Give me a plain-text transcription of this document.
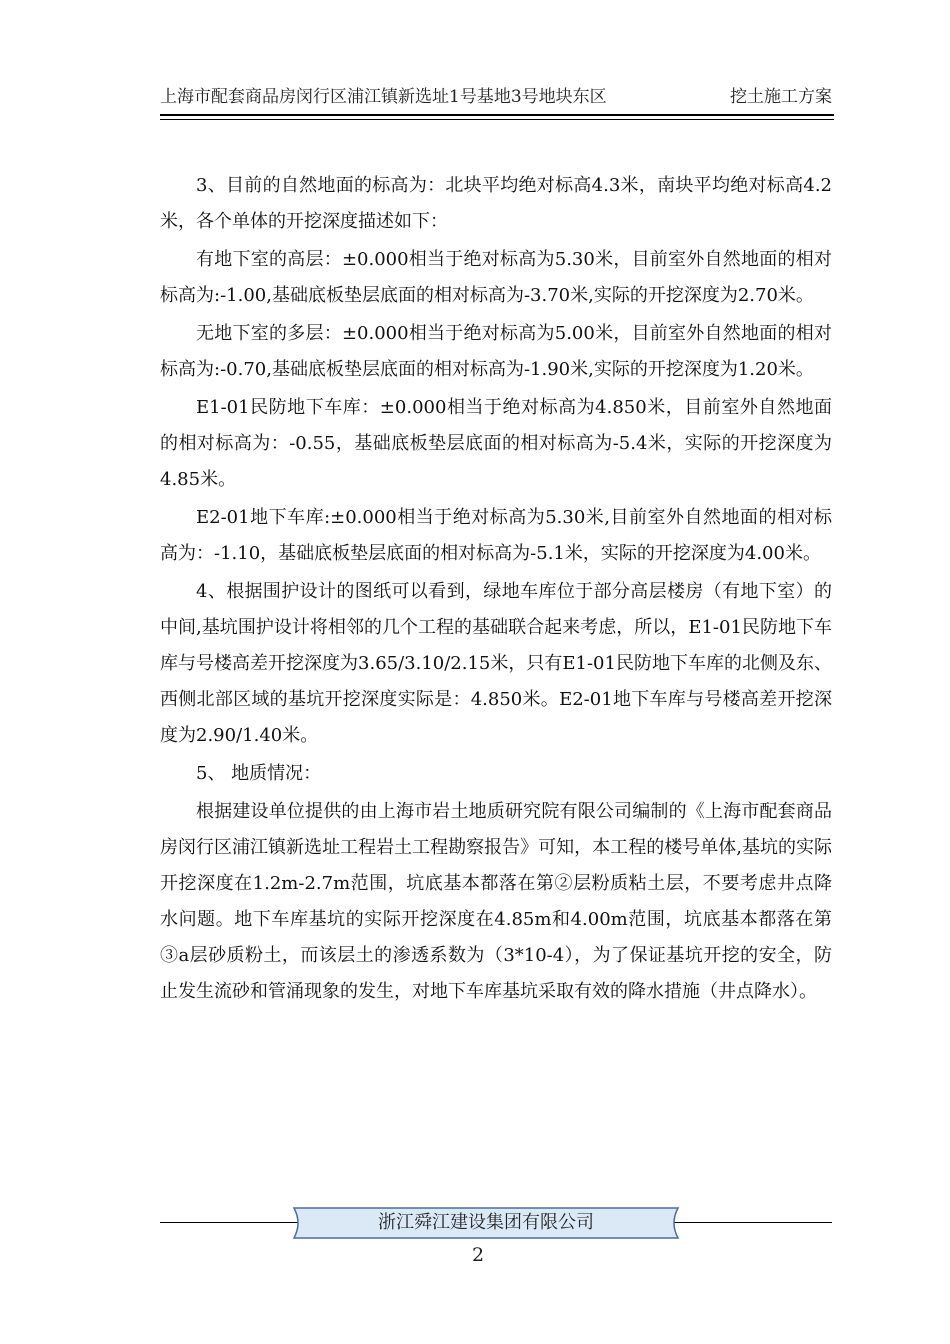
上海市配套商品房闵行区浦江镇新选址1号基地3号地块东区	挖土施工方案

3、目前的自然地面的标高为：北块平均绝对标高4.3米，南块平均绝对标高4.2米，各个单体的开挖深度描述如下：

有地下室的高层：±0.000相当于绝对标高为5.30米，目前室外自然地面的相对标高为:-1.00,基础底板垫层底面的相对标高为-3.70米,实际的开挖深度为2.70米。

无地下室的多层：±0.000相当于绝对标高为5.00米，目前室外自然地面的相对标高为:-0.70,基础底板垫层底面的相对标高为-1.90米,实际的开挖深度为1.20米。

E1-01民防地下车库：±0.000相当于绝对标高为4.850米，目前室外自然地面的相对标高为：-0.55，基础底板垫层底面的相对标高为-5.4米，实际的开挖深度为4.85米。

E2-01地下车库:±0.000相当于绝对标高为5.30米,目前室外自然地面的相对标高为：-1.10，基础底板垫层底面的相对标高为-5.1米，实际的开挖深度为4.00米。

4、根据围护设计的图纸可以看到，绿地车库位于部分高层楼房（有地下室）的中间,基坑围护设计将相邻的几个工程的基础联合起来考虑，所以，E1-01民防地下车库与号楼高差开挖深度为3.65/3.10/2.15米，只有E1-01民防地下车库的北侧及东、西侧北部区域的基坑开挖深度实际是：4.850米。E2-01地下车库与号楼高差开挖深度为2.90/1.40米。

5、 地质情况：

根据建设单位提供的由上海市岩土地质研究院有限公司编制的《上海市配套商品房闵行区浦江镇新选址工程岩土工程勘察报告》可知，本工程的楼号单体,基坑的实际开挖深度在1.2m-2.7m范围，坑底基本都落在第②层粉质粘土层，不要考虑井点降水问题。地下车库基坑的实际开挖深度在4.85m和4.00m范围，坑底基本都落在第③a层砂质粉土，而该层土的渗透系数为（3*10-4），为了保证基坑开挖的安全，防止发生流砂和管涌现象的发生，对地下车库基坑采取有效的降水措施（井点降水）。

浙江舜江建设集团有限公司
2
